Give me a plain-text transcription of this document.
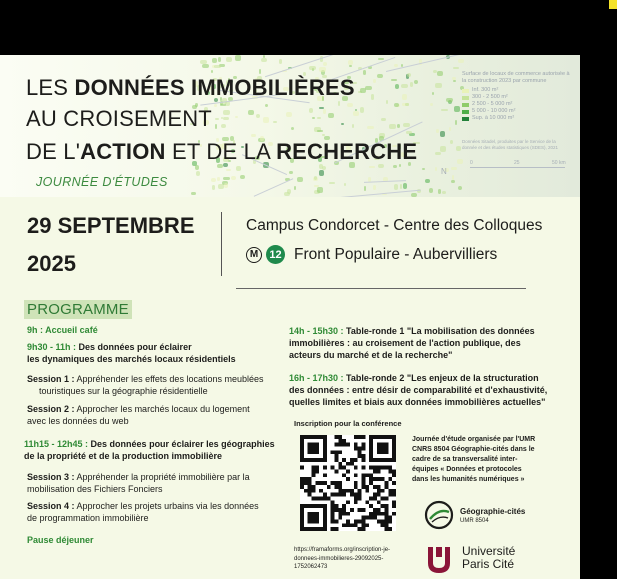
LES DONNÉES IMMOBILIÈRES
AU CROISEMENT
DE L'ACTION ET DE LA RECHERCHE
JOURNÉE D'ÉTUDES
Surface de locaux de commerce autorisée à la construction 2023 par commune
Inf. 300 m²
300 - 2 500 m²
2 500 - 5 000 m²
5 000 - 10 000 m²
Sup. à 10 000 m²
Données Sitadel, produites par le Service de la donnée et des études statistiques (SDES), 2021
0	25	50 km
N
29 SEPTEMBRE
2025
Campus Condorcet - Centre des Colloques
M	12 Front Populaire - Aubervilliers
PROGRAMME
9h : Accueil café
9h30 - 11h : Des données pour éclairer
les dynamiques des marchés locaux résidentiels
Session 1 : Appréhender les effets des locations meublées
touristiques sur la géographie résidentielle
Session 2 : Approcher les marchés locaux du logement
avec les données du web
11h15 - 12h45 : Des données pour éclairer les géographies
de la propriété et de la production immobilière
Session 3 : Appréhender la propriété immobilière par la
mobilisation des Fichiers Fonciers
Session 4 : Approcher les projets urbains via les données
de programmation immobilière
Pause déjeuner
14h - 15h30 : Table-ronde 1 "La mobilisation des données
immobilières : au croisement de l'action publique, des
acteurs du marché et de la recherche"
16h - 17h30 : Table-ronde 2 "Les enjeux de la structuration
des données : entre désir de comparabilité et d'exhaustivité,
quelles limites et biais aux données immobilières actuelles"
Inscription pour la conférence
https://framaforms.org/inscription-je-
donnees-immobilieres-29092025-
1752062473
Journée d'étude organisée par l'UMR
CNRS 8504 Géographie-cités dans le
cadre de sa transversalité inter-
équipes « Données et protocoles
dans les humanités numériques »
Géographie-cités
UMR 8504
Université
Paris Cité
